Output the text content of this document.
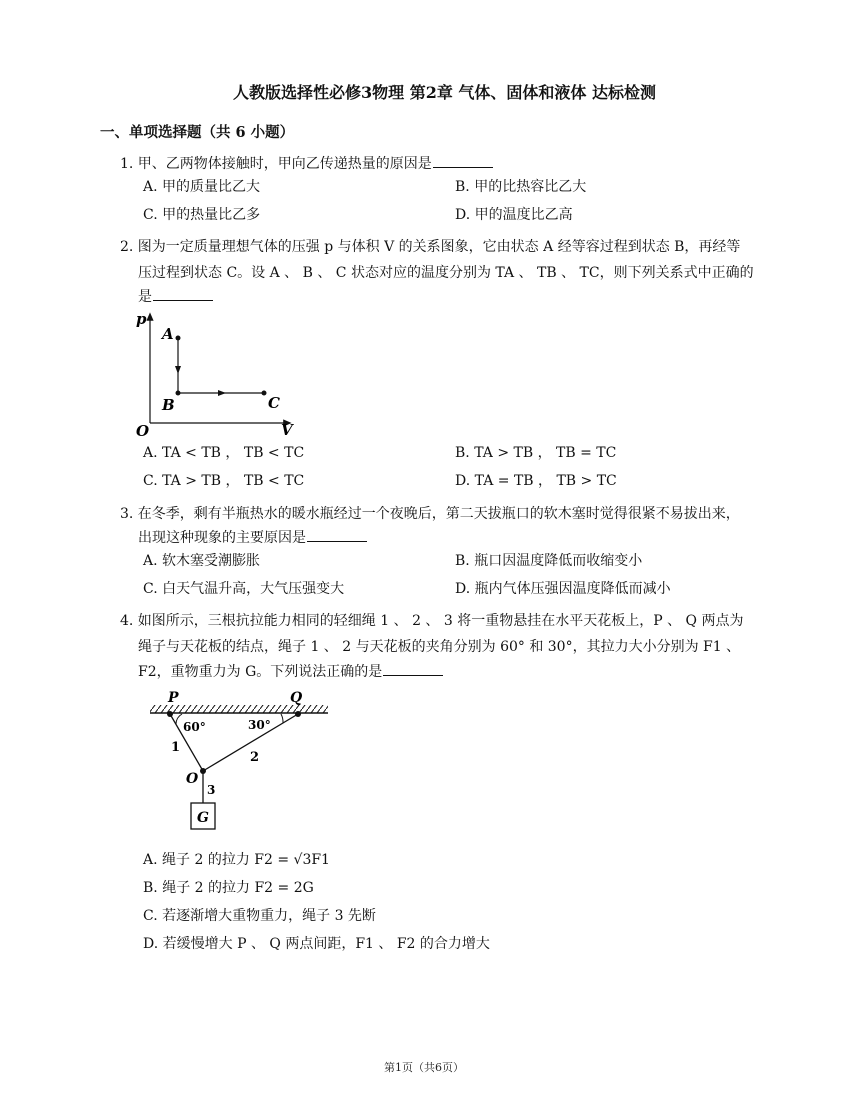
人教版选择性必修3物理 第2章 气体、固体和液体 达标检测
一、单项选择题（共 6 小题）
1. 甲、乙两物体接触时，甲向乙传递热量的原因是
A. 甲的质量比乙大	B. 甲的比热容比乙大
C. 甲的热量比乙多	D. 甲的温度比乙高
2. 图为一定质量理想气体的压强 p 与体积 V 的关系图象，它由状态 A 经等容过程到状态 B，再经等
压过程到状态 C。设 A 、 B 、 C 状态对应的温度分别为 TA 、 TB 、 TC，则下列关系式中正确的
是
p
V
O
A
B	C
A. TA < TB ， TB < TC	B. TA > TB ， TB = TC
C. TA > TB ， TB < TC	D. TA = TB ， TB > TC
3. 在冬季，剩有半瓶热水的暖水瓶经过一个夜晚后，第二天拔瓶口的软木塞时觉得很紧不易拔出来，
出现这种现象的主要原因是
A. 软木塞受潮膨胀	B. 瓶口因温度降低而收缩变小
C. 白天气温升高，大气压强变大	D. 瓶内气体压强因温度降低而减小
4. 如图所示，三根抗拉能力相同的轻细绳 1 、 2 、 3 将一重物悬挂在水平天花板上，P 、 Q 两点为
绳子与天花板的结点，绳子 1 、 2 与天花板的夹角分别为 60° 和 30°，其拉力大小分别为 F1 、
F2，重物重力为 G。下列说法正确的是
P	Q
60°	30°
1
2
3
O
G
A. 绳子 2 的拉力 F2 = √3F1
B. 绳子 2 的拉力 F2 = 2G
C. 若逐渐增大重物重力，绳子 3 先断
D. 若缓慢增大 P 、 Q 两点间距，F1 、 F2 的合力增大
第1页（共6页）
